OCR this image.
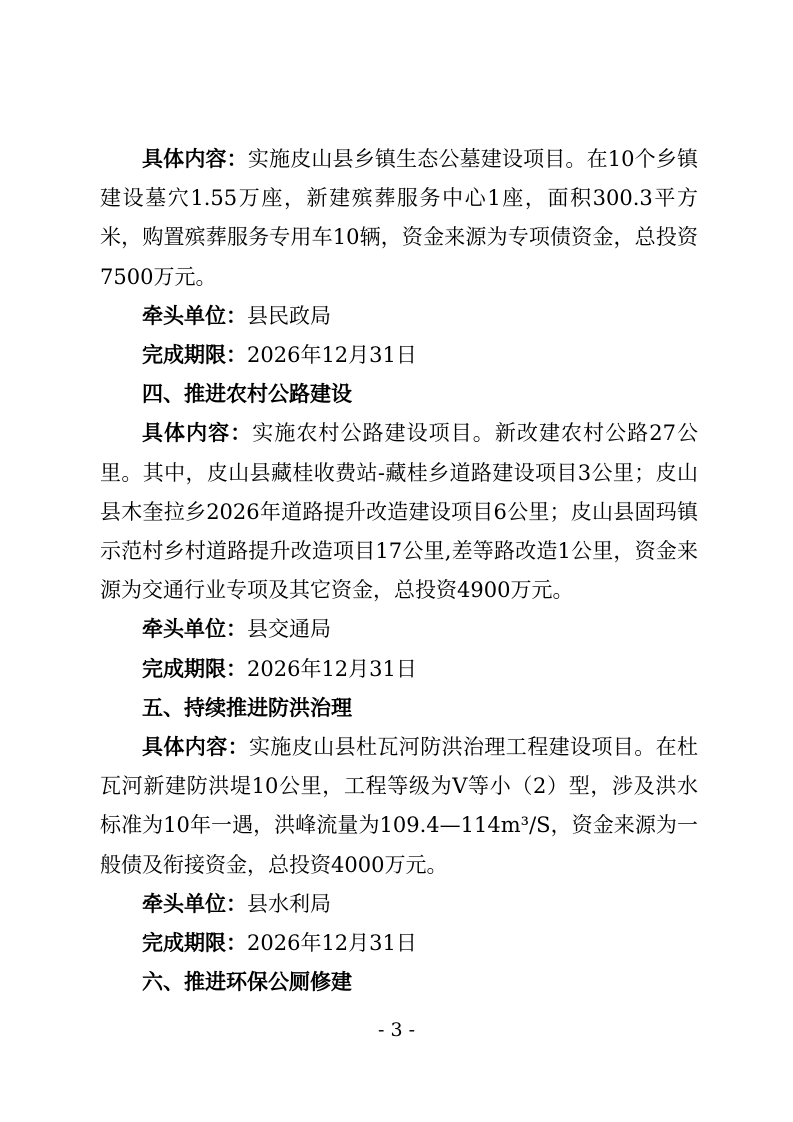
具体内容：实施皮山县乡镇生态公墓建设项目。在10个乡镇建设墓穴1.55万座，新建殡葬服务中心1座，面积300.3平方米，购置殡葬服务专用车10辆，资金来源为专项债资金，总投资7500万元。

牵头单位：县民政局

完成期限：2026年12月31日

四、推进农村公路建设

具体内容：实施农村公路建设项目。新改建农村公路27公里。其中，皮山县藏桂收费站-藏桂乡道路建设项目3公里；皮山县木奎拉乡2026年道路提升改造建设项目6公里；皮山县固玛镇示范村乡村道路提升改造项目17公里,差等路改造1公里，资金来源为交通行业专项及其它资金，总投资4900万元。

牵头单位：县交通局

完成期限：2026年12月31日

五、持续推进防洪治理

具体内容：实施皮山县杜瓦河防洪治理工程建设项目。在杜瓦河新建防洪堤10公里，工程等级为V等小（2）型，涉及洪水标准为10年一遇，洪峰流量为109.4—114m³/S，资金来源为一般债及衔接资金，总投资4000万元。

牵头单位：县水利局

完成期限：2026年12月31日

六、推进环保公厕修建

- 3 -
